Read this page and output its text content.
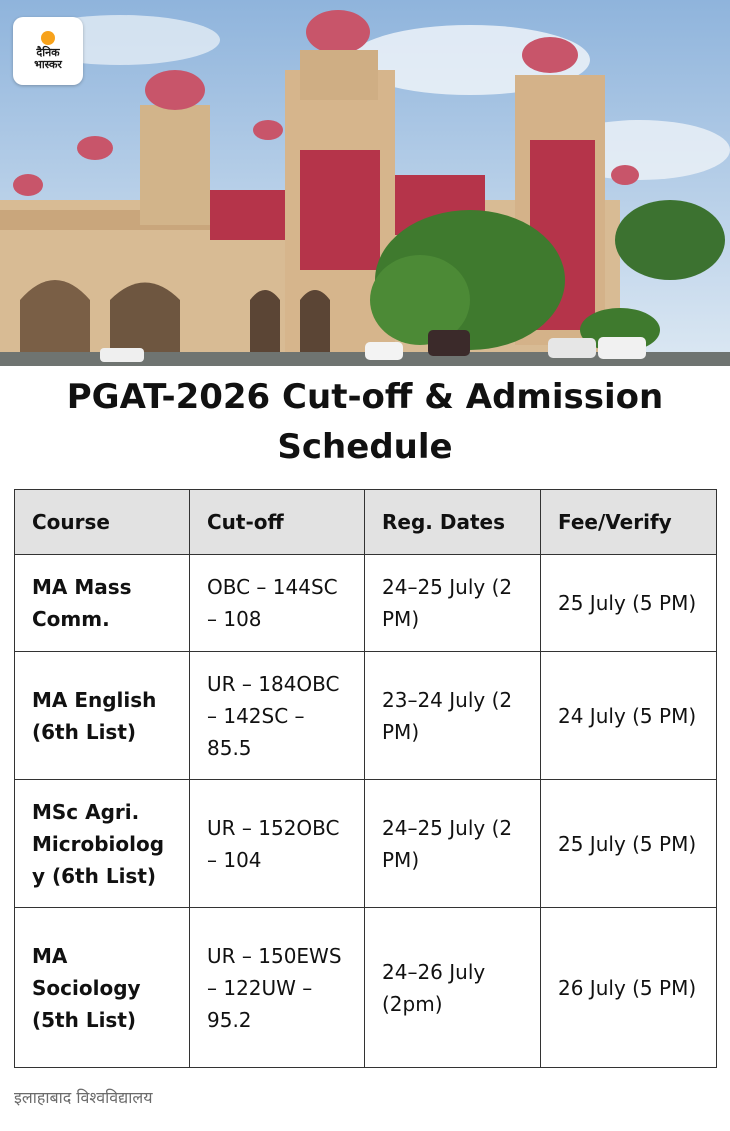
दैनिक
भास्कर
PGAT-2026 Cut-off & Admission Schedule
Course	Cut-off	Reg. Dates	Fee/Verify
MA Mass Comm.	OBC – 144SC – 108	24–25 July (2 PM)	25 July (5 PM)
MA English (6th List)	UR – 184OBC – 142SC – 85.5	23–24 July (2 PM)	24 July (5 PM)
MSc Agri. Microbiology (6th List)	UR – 152OBC – 104	24–25 July (2 PM)	25 July (5 PM)
MA Sociology (5th List)	UR – 150EWS – 122UW – 95.2	24–26 July (2pm)	26 July (5 PM)
इलाहाबाद विश्वविद्यालय
